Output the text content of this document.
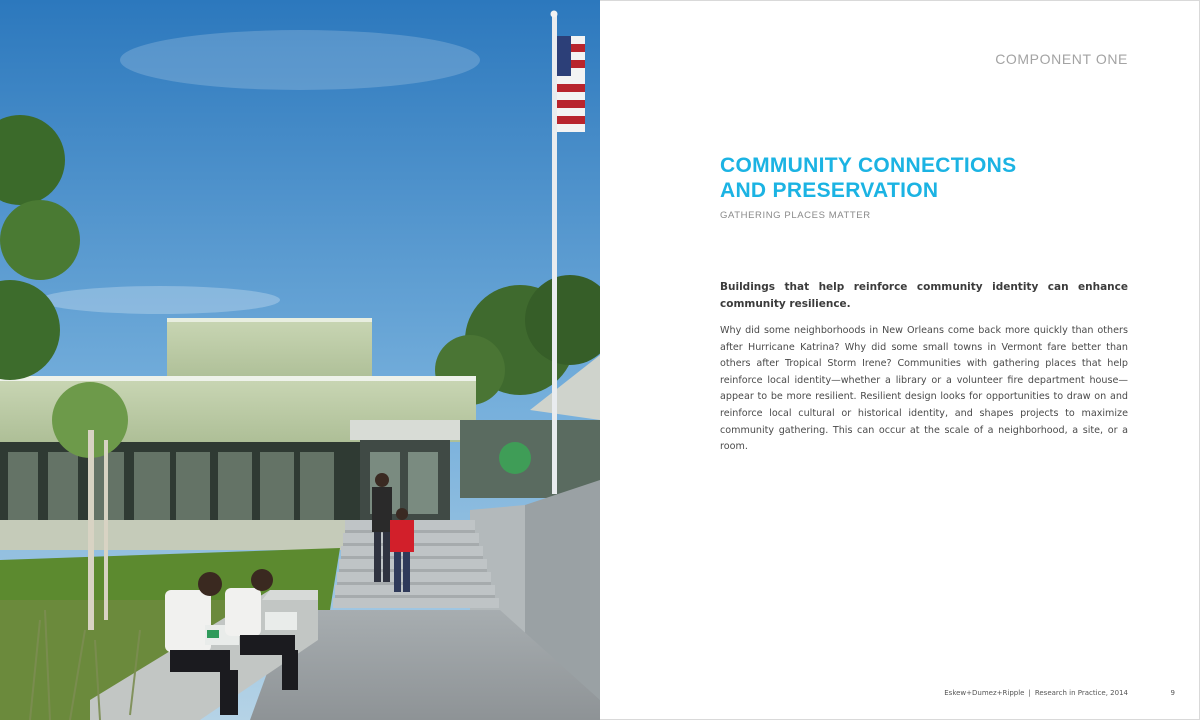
COMPONENT ONE
COMMUNITY CONNECTIONS
AND PRESERVATION
GATHERING PLACES MATTER
Buildings that help reinforce community identity can enhance community resilience.
Why did some neighborhoods in New Orleans come back more quickly than others after Hurricane Katrina? Why did some small towns in Vermont fare better than others after Tropical Storm Irene? Communities with gathering places that help reinforce local identity—whether a library or a volunteer fire department house—appear to be more resilient. Resilient design looks for opportunities to draw on and reinforce local cultural or historical identity, and shapes projects to maximize community gathering. This can occur at the scale of a neighborhood, a site, or a room.
Eskew+Dumez+Ripple | Research in Practice, 2014	9
